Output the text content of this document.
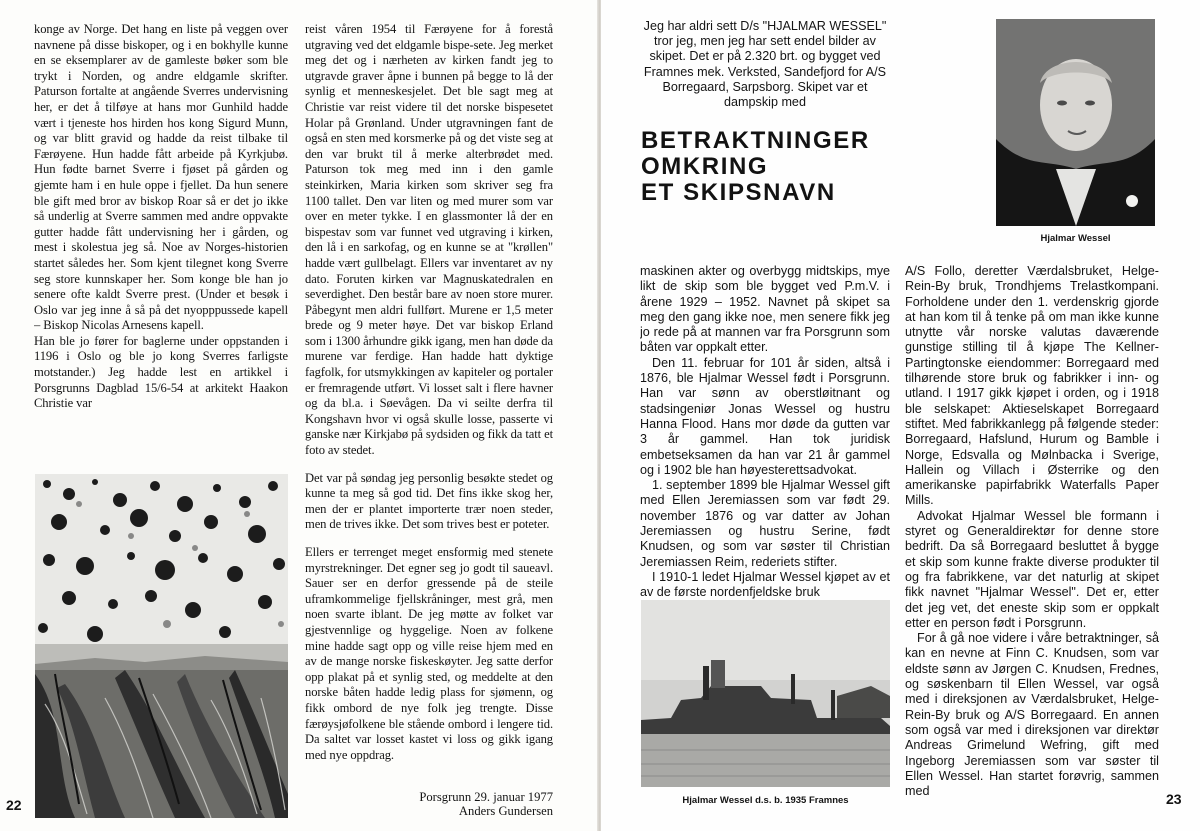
konge av Norge. Det hang en liste på veggen over navnene på disse biskoper, og i en bokhylle kunne en se eksemplarer av de gamleste bøker som ble trykt i Norden, og andre eldgamle skrifter. Paturson fortalte at angående Sverres undervisning her, er det å tilføye at hans mor Gunhild hadde vært i tjeneste hos hirden hos kong Sigurd Munn, og var blitt gravid og hadde da reist tilbake til Færøyene. Hun hadde fått arbeide på Kyrkjubø. Hun fødte barnet Sverre i fjøset på gården og gjemte ham i en hule oppe i fjellet. Da hun senere ble gift med bror av biskop Roar så er det jo ikke så underlig at Sverre sammen med andre oppvakte gutter hadde fått undervisning her i gården, og mest i skolestua jeg så. Noe av Norges-historien startet således her. Som kjent tilegnet kong Sverre seg store kunnskaper her. Som konge ble han jo senere ofte kaldt Sverre prest. (Under et besøk i Oslo var jeg inne å så på det nyopppussede kapell – Biskop Nicolas Arnesens kapell.

Han ble jo fører for baglerne under oppstanden i 1196 i Oslo og ble jo kong Sverres farligste motstander.) Jeg hadde lest en artikkel i Porsgrunns Dagblad 15/6-54 at arkitekt Haakon Christie var

reist våren 1954 til Færøyene for å forestå utgraving ved det eldgamle bispe-sete. Jeg merket meg det og i nærheten av kirken fandt jeg to utgravde graver åpne i bunnen på begge to lå der synlig et menneskesjelet. Det ble sagt meg at Christie var reist videre til det norske bispesetet Holar på Grønland. Under utgravningen fant de også en sten med korsmerke på og det viste seg at den var brukt til å merke alterbrødet med. Paturson tok meg med inn i den gamle steinkirken, Maria kirken som skriver seg fra 1100 tallet. Den var liten og med murer som var over en meter tykke. I en glassmonter lå der en bispestav som var funnet ved utgraving i kirken, den lå i en sarkofag, og en kunne se at "krøllen" hadde vært gullbelagt. Ellers var inventaret av ny dato. Foruten kirken var Magnuskatedralen en severdighet. Den består bare av noen store murer. Påbegynt men aldri fullført. Murene er 1,5 meter brede og 9 meter høye. Det var biskop Erland som i 1300 århundre gikk igang, men han døde da murene var ferdige. Han hadde hatt dyktige fagfolk, for utsmykkingen av kapiteler og portaler er fremragende utført. Vi losset salt i flere havner og da bl.a. i Søevågen. Da vi seilte derfra til Kongshavn hvor vi også skulle losse, passerte vi ganske nær Kirkjabø på sydsiden og fikk da tatt et foto av stedet.

Det var på søndag jeg personlig besøkte stedet og kunne ta meg så god tid. Det fins ikke skog her, men der er plantet importerte trær noen steder, men de trives ikke. Det som trives best er poteter.

Ellers er terrenget meget ensformig med stenete myrstrekninger. Det egner seg jo godt til saueavl. Sauer ser en derfor gressende på de steile uframkommelige fjellskråninger, mest grå, men noen svarte iblant. De jeg møtte av folket var gjestvennlige og hyggelige. Noen av folkene mine hadde sagt opp og ville reise hjem med en av de mange norske fiskeskøyter. Jeg satte derfor opp plakat på et synlig sted, og meddelte at den norske båten hadde ledig plass for sjømenn, og fikk ombord de nye folk jeg trengte. Disse færøysjøfolkene ble stående ombord i lengere tid. Da saltet var losset kastet vi loss og gikk igang med nye oppdrag.

Porsgrunn 29. januar 1977
Anders Gundersen
22

Jeg har aldri sett D/s "HJALMAR WESSEL" tror jeg, men jeg har sett endel bilder av skipet. Det er på 2.320 brt. og bygget ved Framnes mek. Verksted, Sandefjord for A/S Borregaard, Sarpsborg. Skipet var et dampskip med

BETRAKTNINGER
OMKRING
ET SKIPSNAVN
Hjalmar Wessel

maskinen akter og overbygg midtskips, mye likt de skip som ble bygget ved P.m.V. i årene 1929 – 1952. Navnet på skipet sa meg den gang ikke noe, men senere fikk jeg jo rede på at mannen var fra Porsgrunn som båten var oppkalt etter.

Den 11. februar for 101 år siden, altså i 1876, ble Hjalmar Wessel født i Porsgrunn. Han var sønn av oberstløitnant og stadsingeniør Jonas Wessel og hustru Hanna Flood. Hans mor døde da gutten var 3 år gammel. Han tok juridisk embetseksamen da han var 21 år gammel og i 1902 ble han høyesterettsadvokat.

1. september 1899 ble Hjalmar Wessel gift med Ellen Jeremiassen som var født 29. november 1876 og var datter av Johan Jeremiassen og hustru Serine, født Knudsen, og som var søster til Christian Jeremiassen Reim, rederiets stifter.

I 1910-1 ledet Hjalmar Wessel kjøpet av et av de første nordenfjeldske bruk

Hjalmar Wessel d.s. b. 1935 Framnes

A/S Follo, deretter Værdalsbruket, Helge-Rein-By bruk, Trondhjems Trelastkompani. Forholdene under den 1. verdenskrig gjorde at han kom til å tenke på om man ikke kunne utnytte vår norske valutas daværende gunstige stilling til å kjøpe The Kellner-Partingtonske eiendommer: Borregaard med tilhørende store bruk og fabrikker i inn- og utland. I 1917 gikk kjøpet i orden, og i 1918 ble selskapet: Aktieselskapet Borregaard stiftet. Med fabrikkanlegg på følgende steder: Borregaard, Hafslund, Hurum og Bamble i Norge, Edsvalla og Mølnbacka i Sverige, Hallein og Villach i Østerrike og den amerikanske papirfabrikk Waterfalls Paper Mills.

Advokat Hjalmar Wessel ble formann i styret og Generaldirektør for denne store bedrift. Da så Borregaard besluttet å bygge et skip som kunne frakte diverse produkter til og fra fabrikkene, var det naturlig at skipet fikk navnet "Hjalmar Wessel". Det er, etter det jeg vet, det eneste skip som er oppkalt etter en person født i Porsgrunn.

For å gå noe videre i våre betraktninger, så kan en nevne at Finn C. Knudsen, som var eldste sønn av Jørgen C. Knudsen, Frednes, og søskenbarn til Ellen Wessel, var også med i direksjonen av Værdalsbruket, Helge-Rein-By bruk og A/S Borregaard. En annen som også var med i direksjonen var direktør Andreas Grimelund Wefring, gift med Ingeborg Jeremiassen som var søster til Ellen Wessel. Han startet forøvrig, sammen med	23
